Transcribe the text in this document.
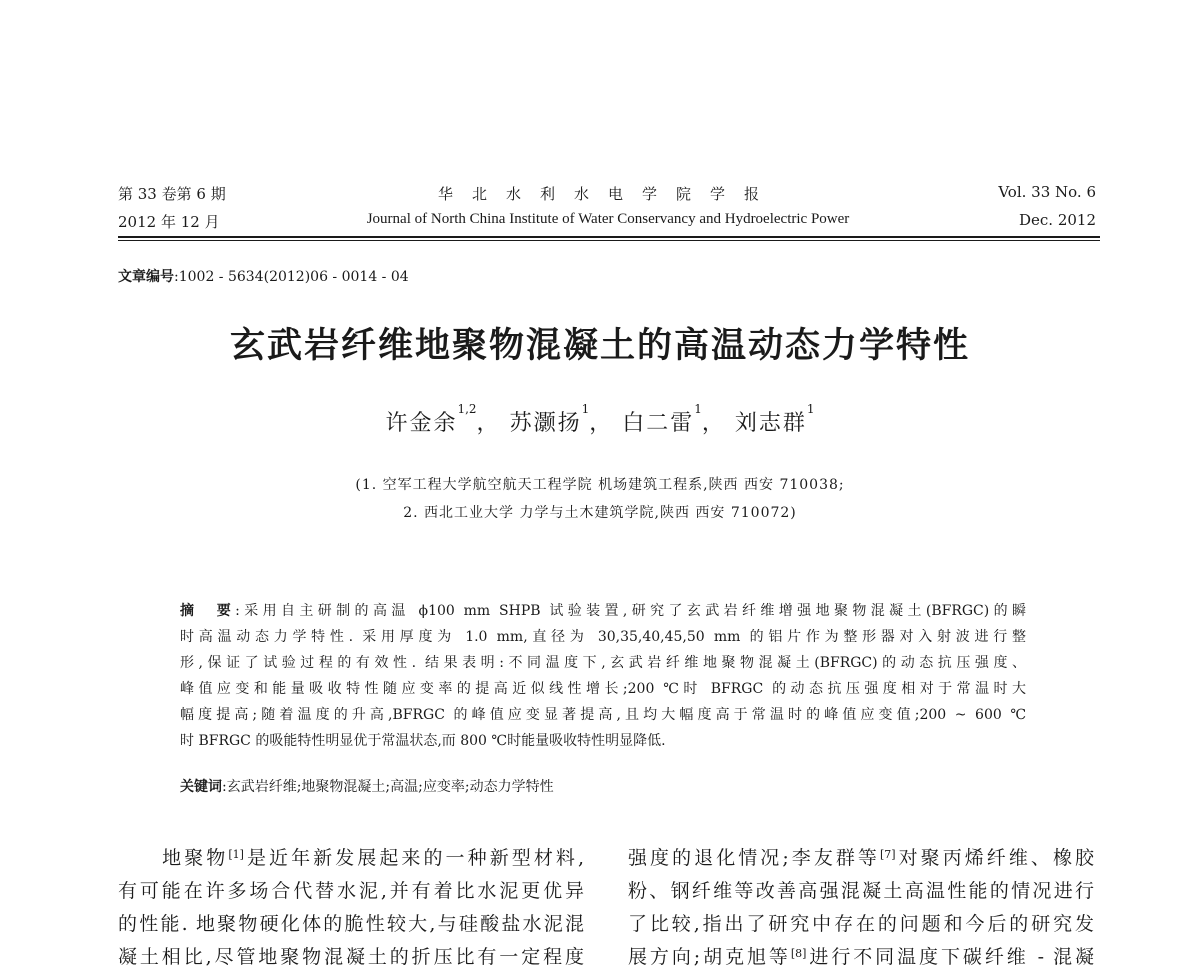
第 33 卷第 6 期	华北水利水电学院学报	Vol. 33 No. 6
2012 年 12 月	Journal of North China Institute of Water Conservancy and Hydroelectric Power	Dec. 2012
文章编号:1002 - 5634(2012)06 - 0014 - 04
玄武岩纤维地聚物混凝土的高温动态力学特性
许金余$^{1,2}$， 苏灏扬$^1$， 白二雷$^1$， 刘志群$^1$
(1. 空军工程大学航空航天工程学院 机场建筑工程系,陕西 西安 710038;
2. 西北工业大学 力学与土木建筑学院,陕西 西安 710072)
摘　要:采用自主研制的高温 ϕ100 mm SHPB 试验装置,研究了玄武岩纤维增强地聚物混凝土(BFRGC)的瞬
时高温动态力学特性. 采用厚度为 1.0 mm,直径为 30,35,40,45,50 mm 的铝片作为整形器对入射波进行整
形,保证了试验过程的有效性. 结果表明:不同温度下,玄武岩纤维地聚物混凝土(BFRGC)的动态抗压强度、
峰值应变和能量吸收特性随应变率的提高近似线性增长;200 ℃时 BFRGC 的动态抗压强度相对于常温时大
幅度提高;随着温度的升高,BFRGC 的峰值应变显著提高,且均大幅度高于常温时的峰值应变值;200 ~ 600 ℃
时 BFRGC 的吸能特性明显优于常温状态,而 800 ℃时能量吸收特性明显降低.
关键词:玄武岩纤维;地聚物混凝土;高温;应变率;动态力学特性
　　地聚物[1]是近年新发展起来的一种新型材料,
有可能在许多场合代替水泥,并有着比水泥更优异
的性能. 地聚物硬化体的脆性较大,与硅酸盐水泥混
凝土相比,尽管地聚物混凝土的折压比有一定程度
强度的退化情况;李友群等[7]对聚丙烯纤维、橡胶
粉、钢纤维等改善高强混凝土高温性能的情况进行
了比较,指出了研究中存在的问题和今后的研究发
展方向;胡克旭等[8]进行不同温度下碳纤维 - 混凝
